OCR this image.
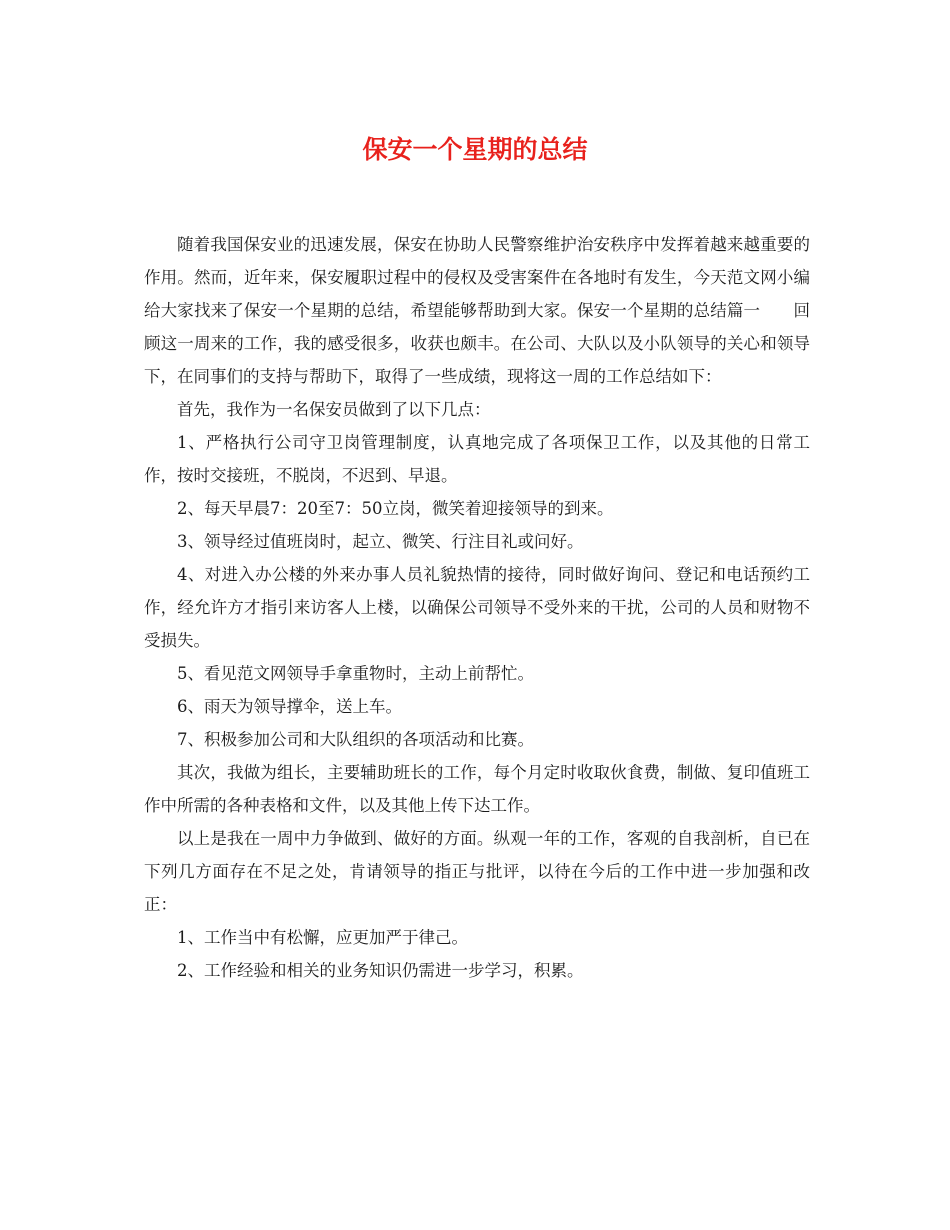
保安一个星期的总结

随着我国保安业的迅速发展，保安在协助人民警察维护治安秩序中发挥着越来越重要的作用。然而，近年来，保安履职过程中的侵权及受害案件在各地时有发生，今天范文网小编给大家找来了保安一个星期的总结，希望能够帮助到大家。保安一个星期的总结篇一　　回顾这一周来的工作，我的感受很多，收获也颇丰。在公司、大队以及小队领导的关心和领导下，在同事们的支持与帮助下，取得了一些成绩，现将这一周的工作总结如下：

首先，我作为一名保安员做到了以下几点：

1、严格执行公司守卫岗管理制度，认真地完成了各项保卫工作，以及其他的日常工作，按时交接班，不脱岗，不迟到、早退。

2、每天早晨7：20至7：50立岗，微笑着迎接领导的到来。

3、领导经过值班岗时，起立、微笑、行注目礼或问好。

4、对进入办公楼的外来办事人员礼貌热情的接待，同时做好询问、登记和电话预约工作，经允许方才指引来访客人上楼，以确保公司领导不受外来的干扰，公司的人员和财物不受损失。

5、看见范文网领导手拿重物时，主动上前帮忙。

6、雨天为领导撑伞，送上车。

7、积极参加公司和大队组织的各项活动和比赛。

其次，我做为组长，主要辅助班长的工作，每个月定时收取伙食费，制做、复印值班工作中所需的各种表格和文件，以及其他上传下达工作。

以上是我在一周中力争做到、做好的方面。纵观一年的工作，客观的自我剖析，自已在下列几方面存在不足之处，肯请领导的指正与批评，以待在今后的工作中进一步加强和改正：

1、工作当中有松懈，应更加严于律己。

2、工作经验和相关的业务知识仍需进一步学习，积累。
